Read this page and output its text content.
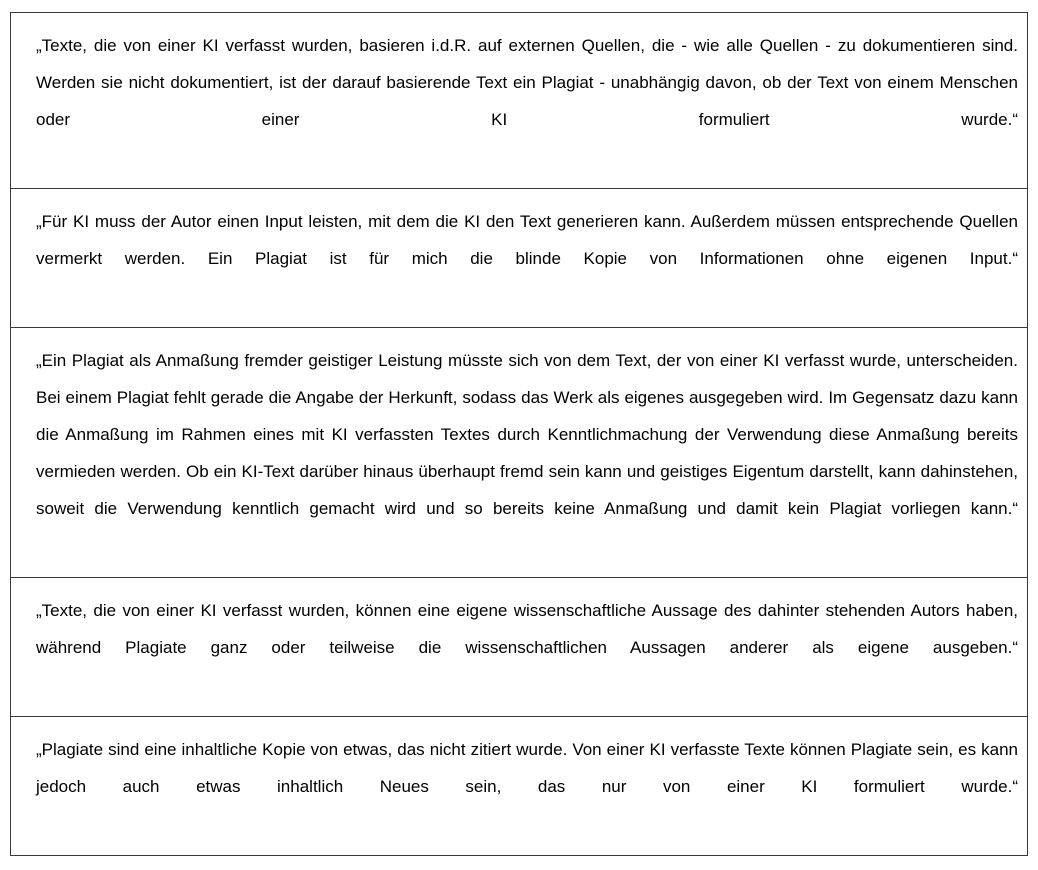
„Texte, die von einer KI verfasst wurden, basieren i.d.R. auf externen Quellen, die - wie alle Quellen - zu dokumentieren sind. Werden sie nicht dokumentiert, ist der darauf basierende Text ein Plagiat - unabhängig davon, ob der Text von einem Menschen oder einer KI formuliert wurde.“

„Für KI muss der Autor einen Input leisten, mit dem die KI den Text generieren kann. Außerdem müssen entsprechende Quellen vermerkt werden. Ein Plagiat ist für mich die blinde Kopie von Informationen ohne eigenen Input.“

„Ein Plagiat als Anmaßung fremder geistiger Leistung müsste sich von dem Text, der von einer KI verfasst wurde, unterscheiden. Bei einem Plagiat fehlt gerade die Angabe der Herkunft, sodass das Werk als eigenes ausgegeben wird. Im Gegensatz dazu kann die Anmaßung im Rahmen eines mit KI verfassten Textes durch Kenntlichmachung der Verwendung diese Anmaßung bereits vermieden werden. Ob ein KI-Text darüber hinaus überhaupt fremd sein kann und geistiges Eigentum darstellt, kann dahinstehen, soweit die Verwendung kenntlich gemacht wird und so bereits keine Anmaßung und damit kein Plagiat vorliegen kann.“

„Texte, die von einer KI verfasst wurden, können eine eigene wissenschaftliche Aussage des dahinter stehenden Autors haben, während Plagiate ganz oder teilweise die wissenschaftlichen Aussagen anderer als eigene ausgeben.“

„Plagiate sind eine inhaltliche Kopie von etwas, das nicht zitiert wurde. Von einer KI verfasste Texte können Plagiate sein, es kann jedoch auch etwas inhaltlich Neues sein, das nur von einer KI formuliert wurde.“
